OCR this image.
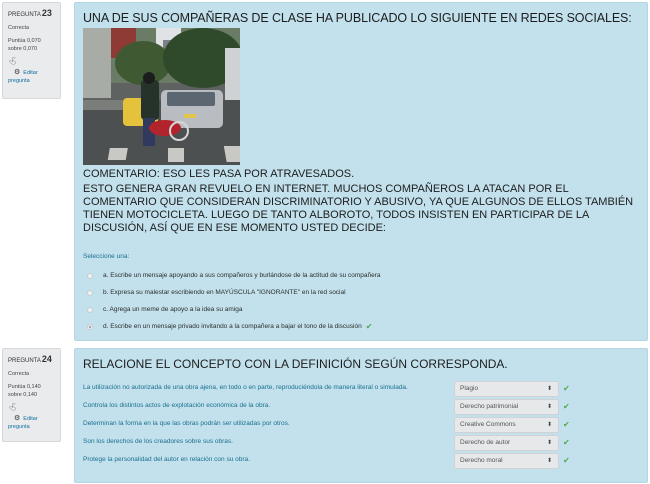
PREGUNTA23
Correcta
Puntúa 0,070
sobre 0,070
⛳︎
⚙ Editar pregunta
UNA DE SUS COMPAÑERAS DE CLASE HA PUBLICADO LO SIGUIENTE EN REDES SOCIALES:
COMENTARIO: ESO LES PASA POR ATRAVESADOS.
ESTO GENERA GRAN REVUELO EN INTERNET. MUCHOS COMPAÑEROS LA ATACAN POR EL COMENTARIO QUE CONSIDERAN DISCRIMINATORIO Y ABUSIVO, YA QUE ALGUNOS DE ELLOS TAMBIÉN TIENEN MOTOCICLETA. LUEGO DE TANTO ALBOROTO, TODOS INSISTEN EN PARTICIPAR DE LA DISCUSIÓN, ASÍ QUE EN ESE MOMENTO USTED DECIDE:
Seleccione una:
a. Escribe un mensaje apoyando a sus compañeros y burlándose de la actitud de su compañera
b. Expresa su malestar escribiendo en MAYÚSCULA "IGNORANTE" en la red social
c. Agrega un meme de apoyo a la idea su amiga
d. Escribe en un mensaje privado invitando a la compañera a bajar el tono de la discusión ✔
PREGUNTA24
Correcta
Puntúa 0,140
sobre 0,140
⛳︎
⚙ Editar pregunta
RELACIONE EL CONCEPTO CON LA DEFINICIÓN SEGÚN CORRESPONDA.
La utilización no autorizada de una obra ajena, en todo o en parte, reproduciéndola de manera literal o simulada.	Plagio	⬍ ✔
Controla los distintos actos de explotación económica de la obra.	Derecho patrimonial	⬍ ✔
Determinan la forma en la que las obras podrán ser utilizadas por otros.	Creative Commons	⬍ ✔
Son los derechos de los creadores sobre sus obras.	Derecho de autor	⬍ ✔
Protege la personalidad del autor en relación con su obra.	Derecho moral	⬍ ✔
